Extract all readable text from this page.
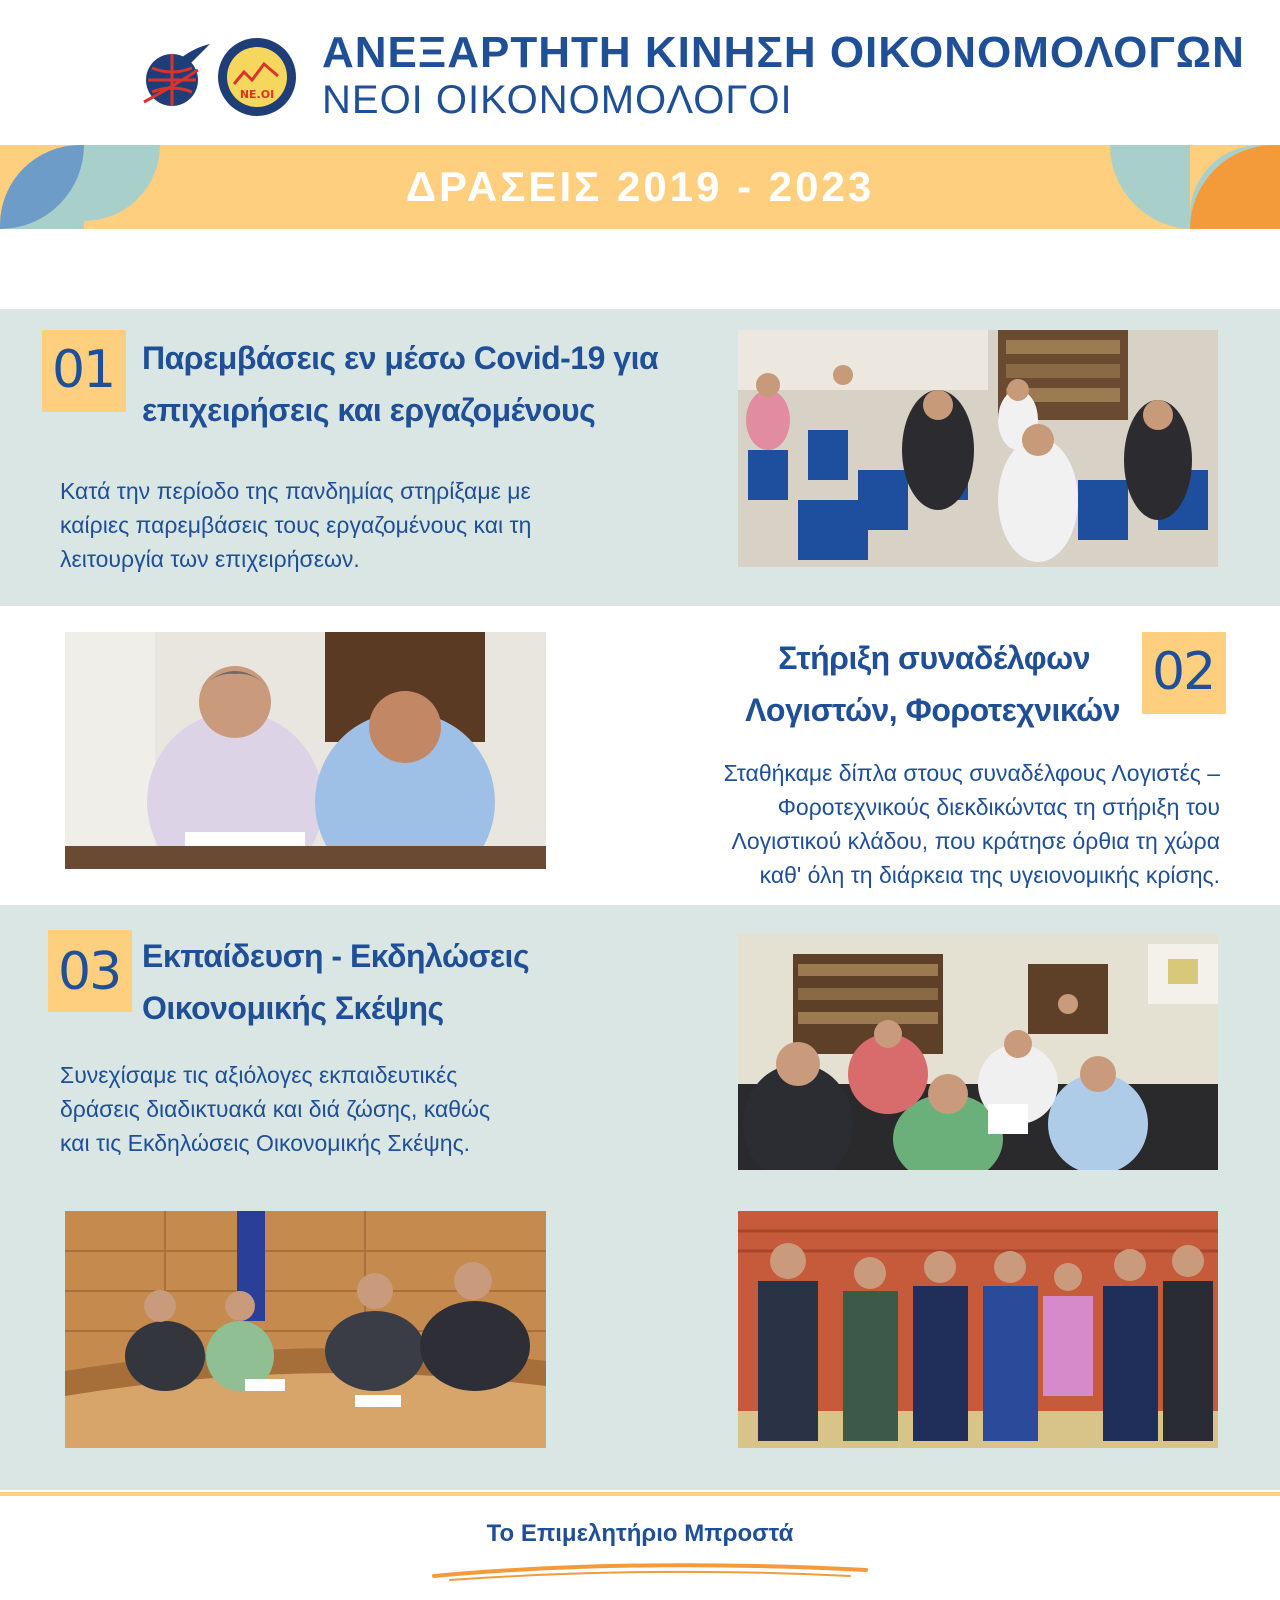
ΝΕ.ΟΙ
ΑΝΕΞΑΡΤΗΤΗ ΚΙΝΗΣΗ ΟΙΚΟΝΟΜΟΛΟΓΩΝ
ΝΕΟΙ ΟΙΚΟΝΟΜΟΛΟΓΟΙ
ΔΡΑΣΕΙΣ 2019 - 2023
01 Παρεμβάσεις εν μέσω Covid-19 για
επιχειρήσεις και εργαζομένους
Κατά την περίοδο της πανδημίας στηρίξαμε με
καίριες παρεμβάσεις τους εργαζομένους και τη
λειτουργία των επιχειρήσεων.
Στήριξη συναδέλφων
Λογιστών, Φοροτεχνικών
02
Σταθήκαμε δίπλα στους συναδέλφους Λογιστές –
Φοροτεχνικούς διεκδικώντας τη στήριξη του
Λογιστικού κλάδου, που κράτησε όρθια τη χώρα
καθ' όλη τη διάρκεια της υγειονομικής κρίσης.
03 Εκπαίδευση - Εκδηλώσεις
Οικονομικής Σκέψης
Συνεχίσαμε τις αξιόλογες εκπαιδευτικές
δράσεις διαδικτυακά και διά ζώσης, καθώς
και τις Εκδηλώσεις Οικονομικής Σκέψης.
Το Επιμελητήριο Μπροστά
